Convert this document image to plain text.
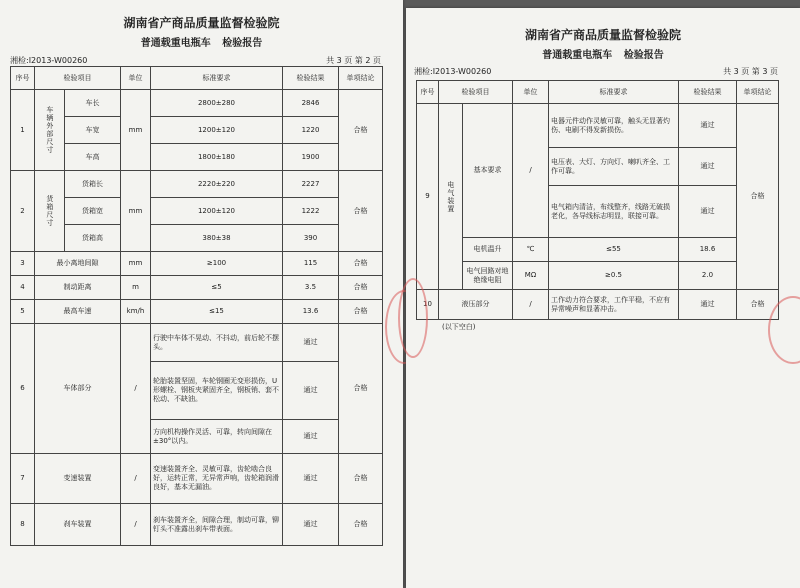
湖南省产商品质量监督检验院
普通载重电瓶车 检验报告
湘检:I2013-W00260	共 3 页 第 2 页
序号	检验项目		单位	标准要求	检验结果	单项结论
1	车辆外部尺寸	车长	mm	2800±280	2846	合格
		车宽		1200±120	1220	
		车高		1800±180	1900	
2	货箱尺寸	货箱长	mm	2220±220	2227	合格
		货箱宽		1200±120	1222	
		货箱高		380±38	390	
3	最小离地间隙		mm	≥100	115	合格
4	制动距离		m	≤5	3.5	合格
5	最高车速		km/h	≤15	13.6	合格
6	车体部分		/	行驶中车体不晃动、不抖动，前后轮不摆头。	通过	合格
				轮胎装置坚固，车轮钢圈无变形损伤，U形螺栓、钢板夹紧固齐全，钢板销、套不松动、不缺油。	通过	
				方向机构操作灵活、可靠，转向间隙在±30°以内。	通过	
7	变速装置		/	变速装置齐全、灵敏可靠，齿轮啮合良好，运转正常，无异常声响，齿轮箱润滑良好，基本无漏油。	通过	合格
8	刹车装置		/	刹车装置齐全，间隙合理，制动可靠，铆钉头不准露出刹车带表面。	通过	合格
湖南省产商品质量监督检验院
普通载重电瓶车 检验报告
湘检:I2013-W00260	共 3 页 第 3 页
序号	检验项目		单位	标准要求	检验结果	单项结论
9	电气装置	基本要求	/	电器元件动作灵敏可靠，触头无显著灼伤、电刷不得发新损伤。	通过	合格
				电压表、大灯、方向灯、喇叭齐全、工作可靠。	通过	
				电气箱内清洁，布线整齐，线路无破损老化，各导线标志明显，联接可靠。	通过	
		电机温升	℃	≤55	18.6	
		电气回路对地绝缘电阻	MΩ	≥0.5	2.0	
10	液压部分		/	工作动力符合要求，工作平稳，不应有异常噪声和显著冲击。	通过	合格
(以下空白)
